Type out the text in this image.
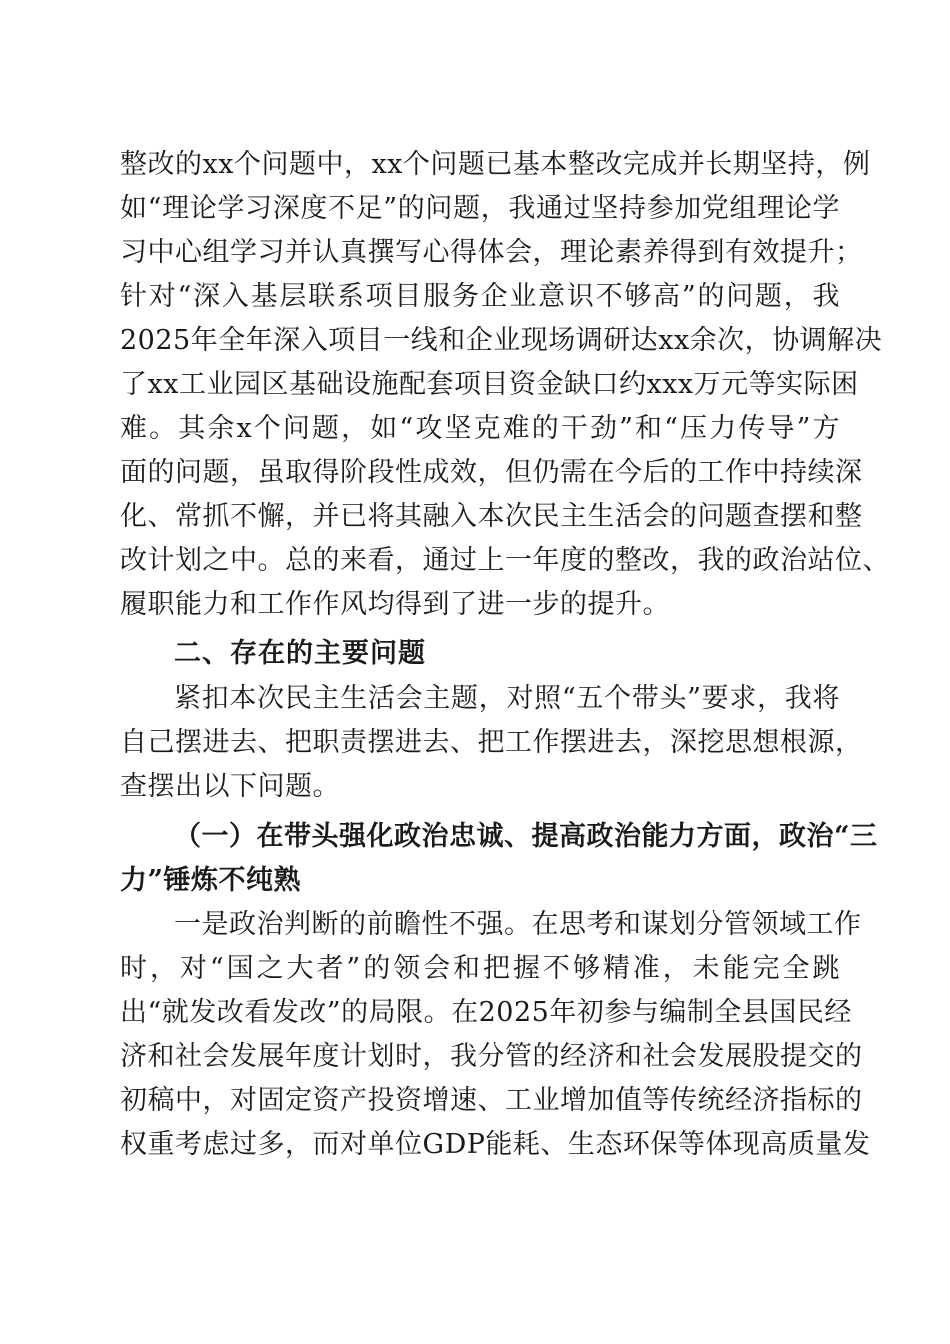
整改的xx个问题中，xx个问题已基本整改完成并长期坚持，例
如“理论学习深度不足”的问题，我通过坚持参加党组理论学
习中心组学习并认真撰写心得体会，理论素养得到有效提升；
针对“深入基层联系项目服务企业意识不够高”的问题，我
2025年全年深入项目一线和企业现场调研达xx余次，协调解决
了xx工业园区基础设施配套项目资金缺口约xxx万元等实际困
难。其余x个问题，如“攻坚克难的干劲”和“压力传导”方
面的问题，虽取得阶段性成效，但仍需在今后的工作中持续深
化、常抓不懈，并已将其融入本次民主生活会的问题查摆和整
改计划之中。总的来看，通过上一年度的整改，我的政治站位、
履职能力和工作作风均得到了进一步的提升。
二、存在的主要问题
紧扣本次民主生活会主题，对照“五个带头”要求，我将
自己摆进去、把职责摆进去、把工作摆进去，深挖思想根源，
查摆出以下问题。
（一）在带头强化政治忠诚、提高政治能力方面，政治“三
力”锤炼不纯熟
一是政治判断的前瞻性不强。在思考和谋划分管领域工作
时，对“国之大者”的领会和把握不够精准，未能完全跳
出“就发改看发改”的局限。在2025年初参与编制全县国民经
济和社会发展年度计划时，我分管的经济和社会发展股提交的
初稿中，对固定资产投资增速、工业增加值等传统经济指标的
权重考虑过多，而对单位GDP能耗、生态环保等体现高质量发
